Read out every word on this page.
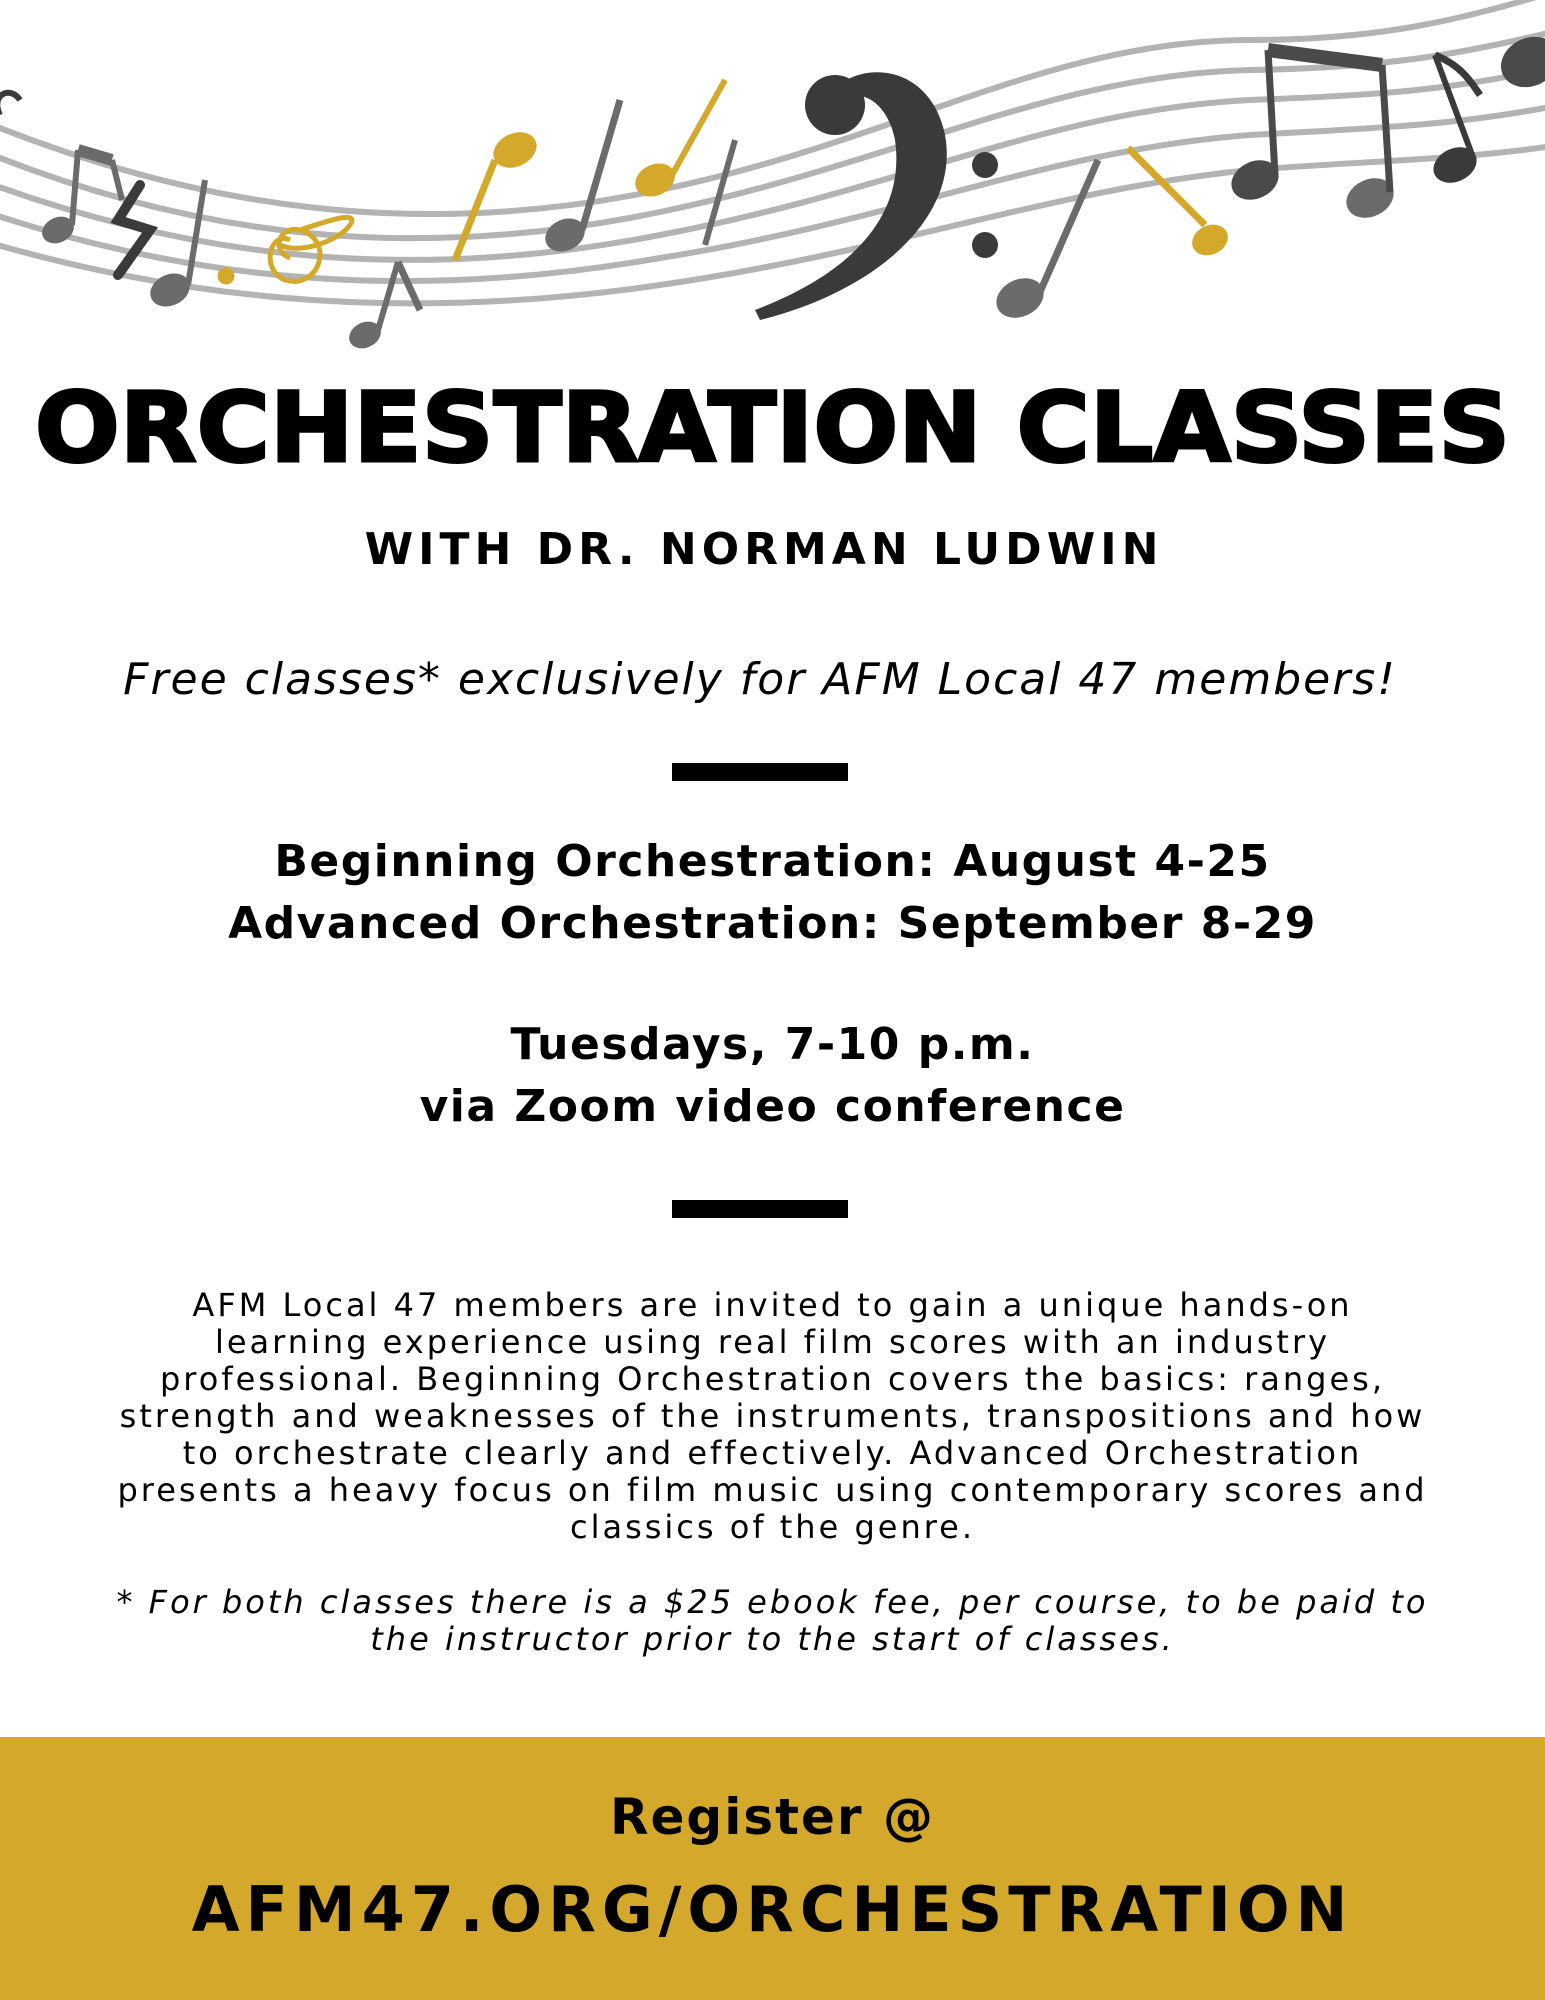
ORCHESTRATION CLASSES
WITH DR. NORMAN LUDWIN
Free classes* exclusively for AFM Local 47 members!
Beginning Orchestration: August 4-25
Advanced Orchestration: September 8-29
Tuesdays, 7-10 p.m.
via Zoom video conference
AFM Local 47 members are invited to gain a unique hands-on learning experience using real film scores with an industry professional. Beginning Orchestration covers the basics: ranges, strength and weaknesses of the instruments, transpositions and how to orchestrate clearly and effectively. Advanced Orchestration presents a heavy focus on film music using contemporary scores and classics of the genre.
* For both classes there is a $25 ebook fee, per course, to be paid to the instructor prior to the start of classes.
Register @
AFM47.ORG/ORCHESTRATION
